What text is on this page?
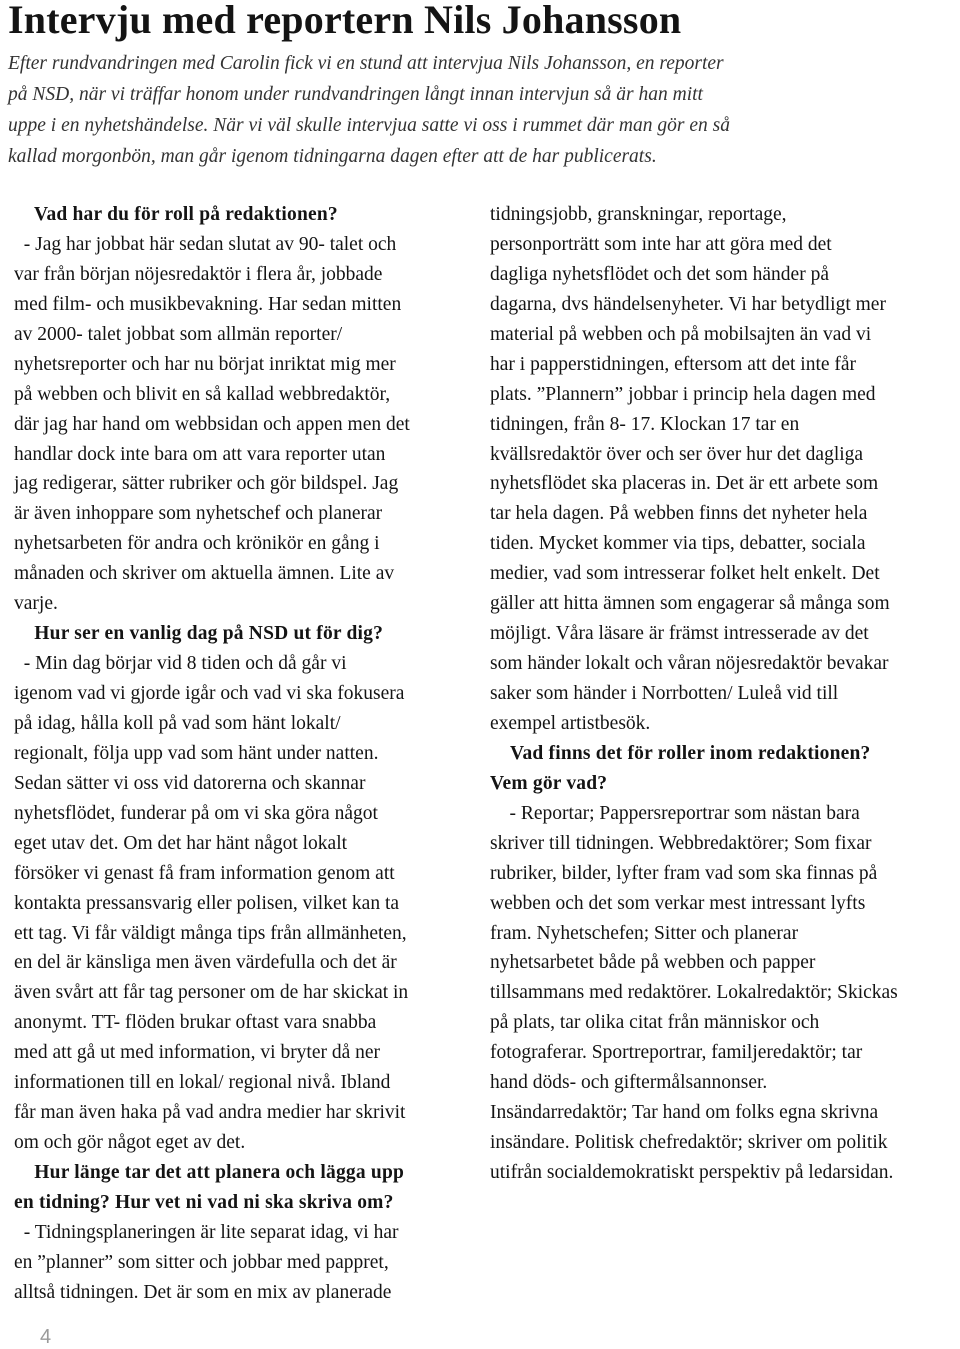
Intervju med reportern Nils Johansson
Efter rundvandringen med Carolin fick vi en stund att intervjua Nils Johansson, en reporter
på NSD, när vi träffar honom under rundvandringen långt innan intervjun så är han mitt
uppe i en nyhetshändelse. När vi väl skulle intervjua satte vi oss i rummet där man gör en så
kallad morgonbön, man går igenom tidningarna dagen efter att de har publicerats.
Vad har du för roll på redaktionen?
- Jag har jobbat här sedan slutat av 90- talet och
var från början nöjesredaktör i flera år, jobbade
med film- och musikbevakning. Har sedan mitten
av 2000- talet jobbat som allmän reporter/
nyhetsreporter och har nu börjat inriktat mig mer
på webben och blivit en så kallad webbredaktör,
där jag har hand om webbsidan och appen men det
handlar dock inte bara om att vara reporter utan
jag redigerar, sätter rubriker och gör bildspel. Jag
är även inhoppare som nyhetschef och planerar
nyhetsarbeten för andra och krönikör en gång i
månaden och skriver om aktuella ämnen. Lite av
varje.
Hur ser en vanlig dag på NSD ut för dig?
- Min dag börjar vid 8 tiden och då går vi
igenom vad vi gjorde igår och vad vi ska fokusera
på idag, hålla koll på vad som hänt lokalt/
regionalt, följa upp vad som hänt under natten.
Sedan sätter vi oss vid datorerna och skannar
nyhetsflödet, funderar på om vi ska göra något
eget utav det. Om det har hänt något lokalt
försöker vi genast få fram information genom att
kontakta pressansvarig eller polisen, vilket kan ta
ett tag. Vi får väldigt många tips från allmänheten,
en del är känsliga men även värdefulla och det är
även svårt att får tag personer om de har skickat in
anonymt. TT- flöden brukar oftast vara snabba
med att gå ut med information, vi bryter då ner
informationen till en lokal/ regional nivå. Ibland
får man även haka på vad andra medier har skrivit
om och gör något eget av det.
Hur länge tar det att planera och lägga upp
en tidning? Hur vet ni vad ni ska skriva om?
- Tidningsplaneringen är lite separat idag, vi har
en ”planner” som sitter och jobbar med pappret,
alltså tidningen. Det är som en mix av planerade
tidningsjobb, granskningar, reportage,
personporträtt som inte har att göra med det
dagliga nyhetsflödet och det som händer på
dagarna, dvs händelsenyheter. Vi har betydligt mer
material på webben och på mobilsajten än vad vi
har i papperstidningen, eftersom att det inte får
plats. ”Plannern” jobbar i princip hela dagen med
tidningen, från 8- 17. Klockan 17 tar en
kvällsredaktör över och ser över hur det dagliga
nyhetsflödet ska placeras in. Det är ett arbete som
tar hela dagen. På webben finns det nyheter hela
tiden. Mycket kommer via tips, debatter, sociala
medier, vad som intresserar folket helt enkelt. Det
gäller att hitta ämnen som engagerar så många som
möjligt. Våra läsare är främst intresserade av det
som händer lokalt och våran nöjesredaktör bevakar
saker som händer i Norrbotten/ Luleå vid till
exempel artistbesök.
Vad finns det för roller inom redaktionen?
Vem gör vad?
- Reportar; Pappersreportrar som nästan bara
skriver till tidningen. Webbredaktörer; Som fixar
rubriker, bilder, lyfter fram vad som ska finnas på
webben och det som verkar mest intressant lyfts
fram. Nyhetschefen; Sitter och planerar
nyhetsarbetet både på webben och papper
tillsammans med redaktörer. Lokalredaktör; Skickas
på plats, tar olika citat från människor och
fotograferar. Sportreportrar, familjeredaktör; tar
hand döds- och giftermålsannonser.
Insändarredaktör; Tar hand om folks egna skrivna
insändare. Politisk chefredaktör; skriver om politik
utifrån socialdemokratiskt perspektiv på ledarsidan.
4
